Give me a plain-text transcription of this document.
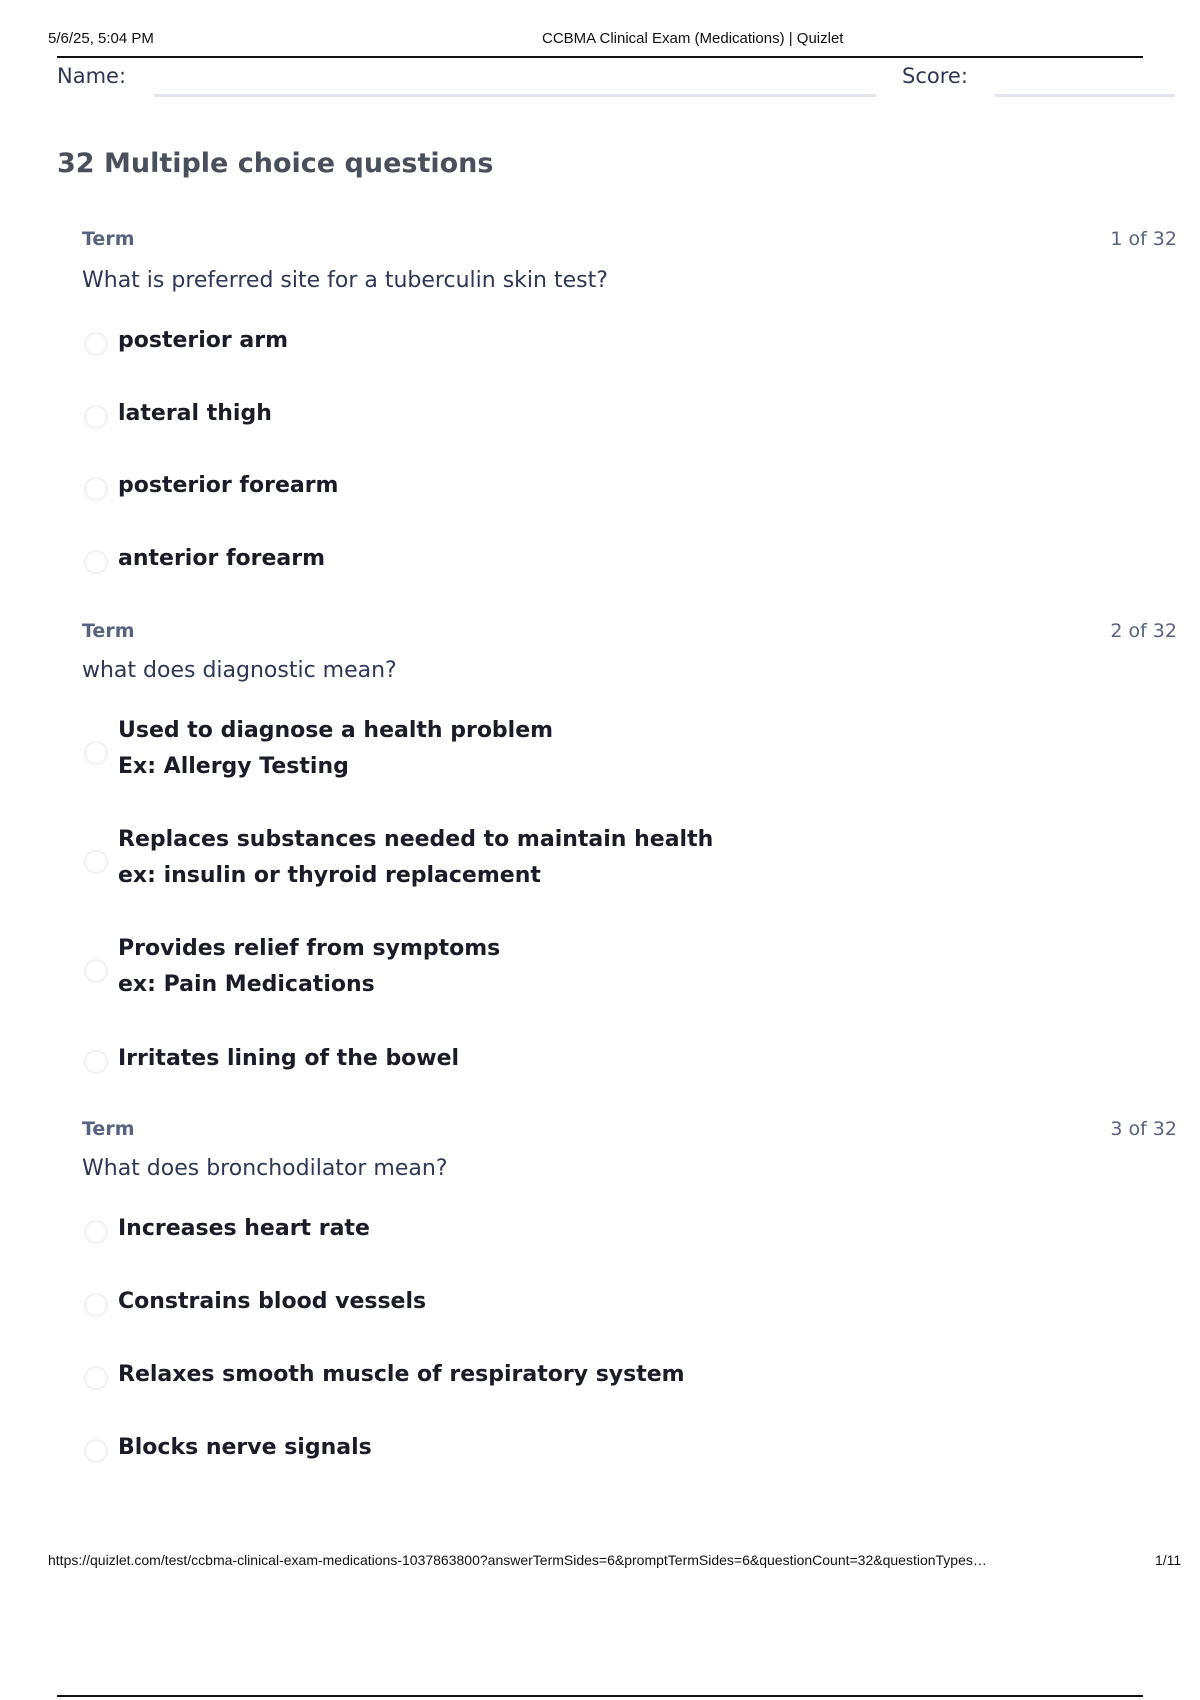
5/6/25, 5:04 PM	CCBMA Clinical Exam (Medications) | Quizlet
Name:	Score:
32 Multiple choice questions
Term	1 of 32
What is preferred site for a tuberculin skin test?
posterior arm
lateral thigh
posterior forearm
anterior forearm
Term	2 of 32
what does diagnostic mean?
Used to diagnose a health problem
Ex: Allergy Testing
Replaces substances needed to maintain health
ex: insulin or thyroid replacement
Provides relief from symptoms
ex: Pain Medications
Irritates lining of the bowel
Term	3 of 32
What does bronchodilator mean?
Increases heart rate
Constrains blood vessels
Relaxes smooth muscle of respiratory system
Blocks nerve signals
https://quizlet.com/test/ccbma-clinical-exam-medications-1037863800?answerTermSides=6&promptTermSides=6&questionCount=32&questionTypes…	1/11
